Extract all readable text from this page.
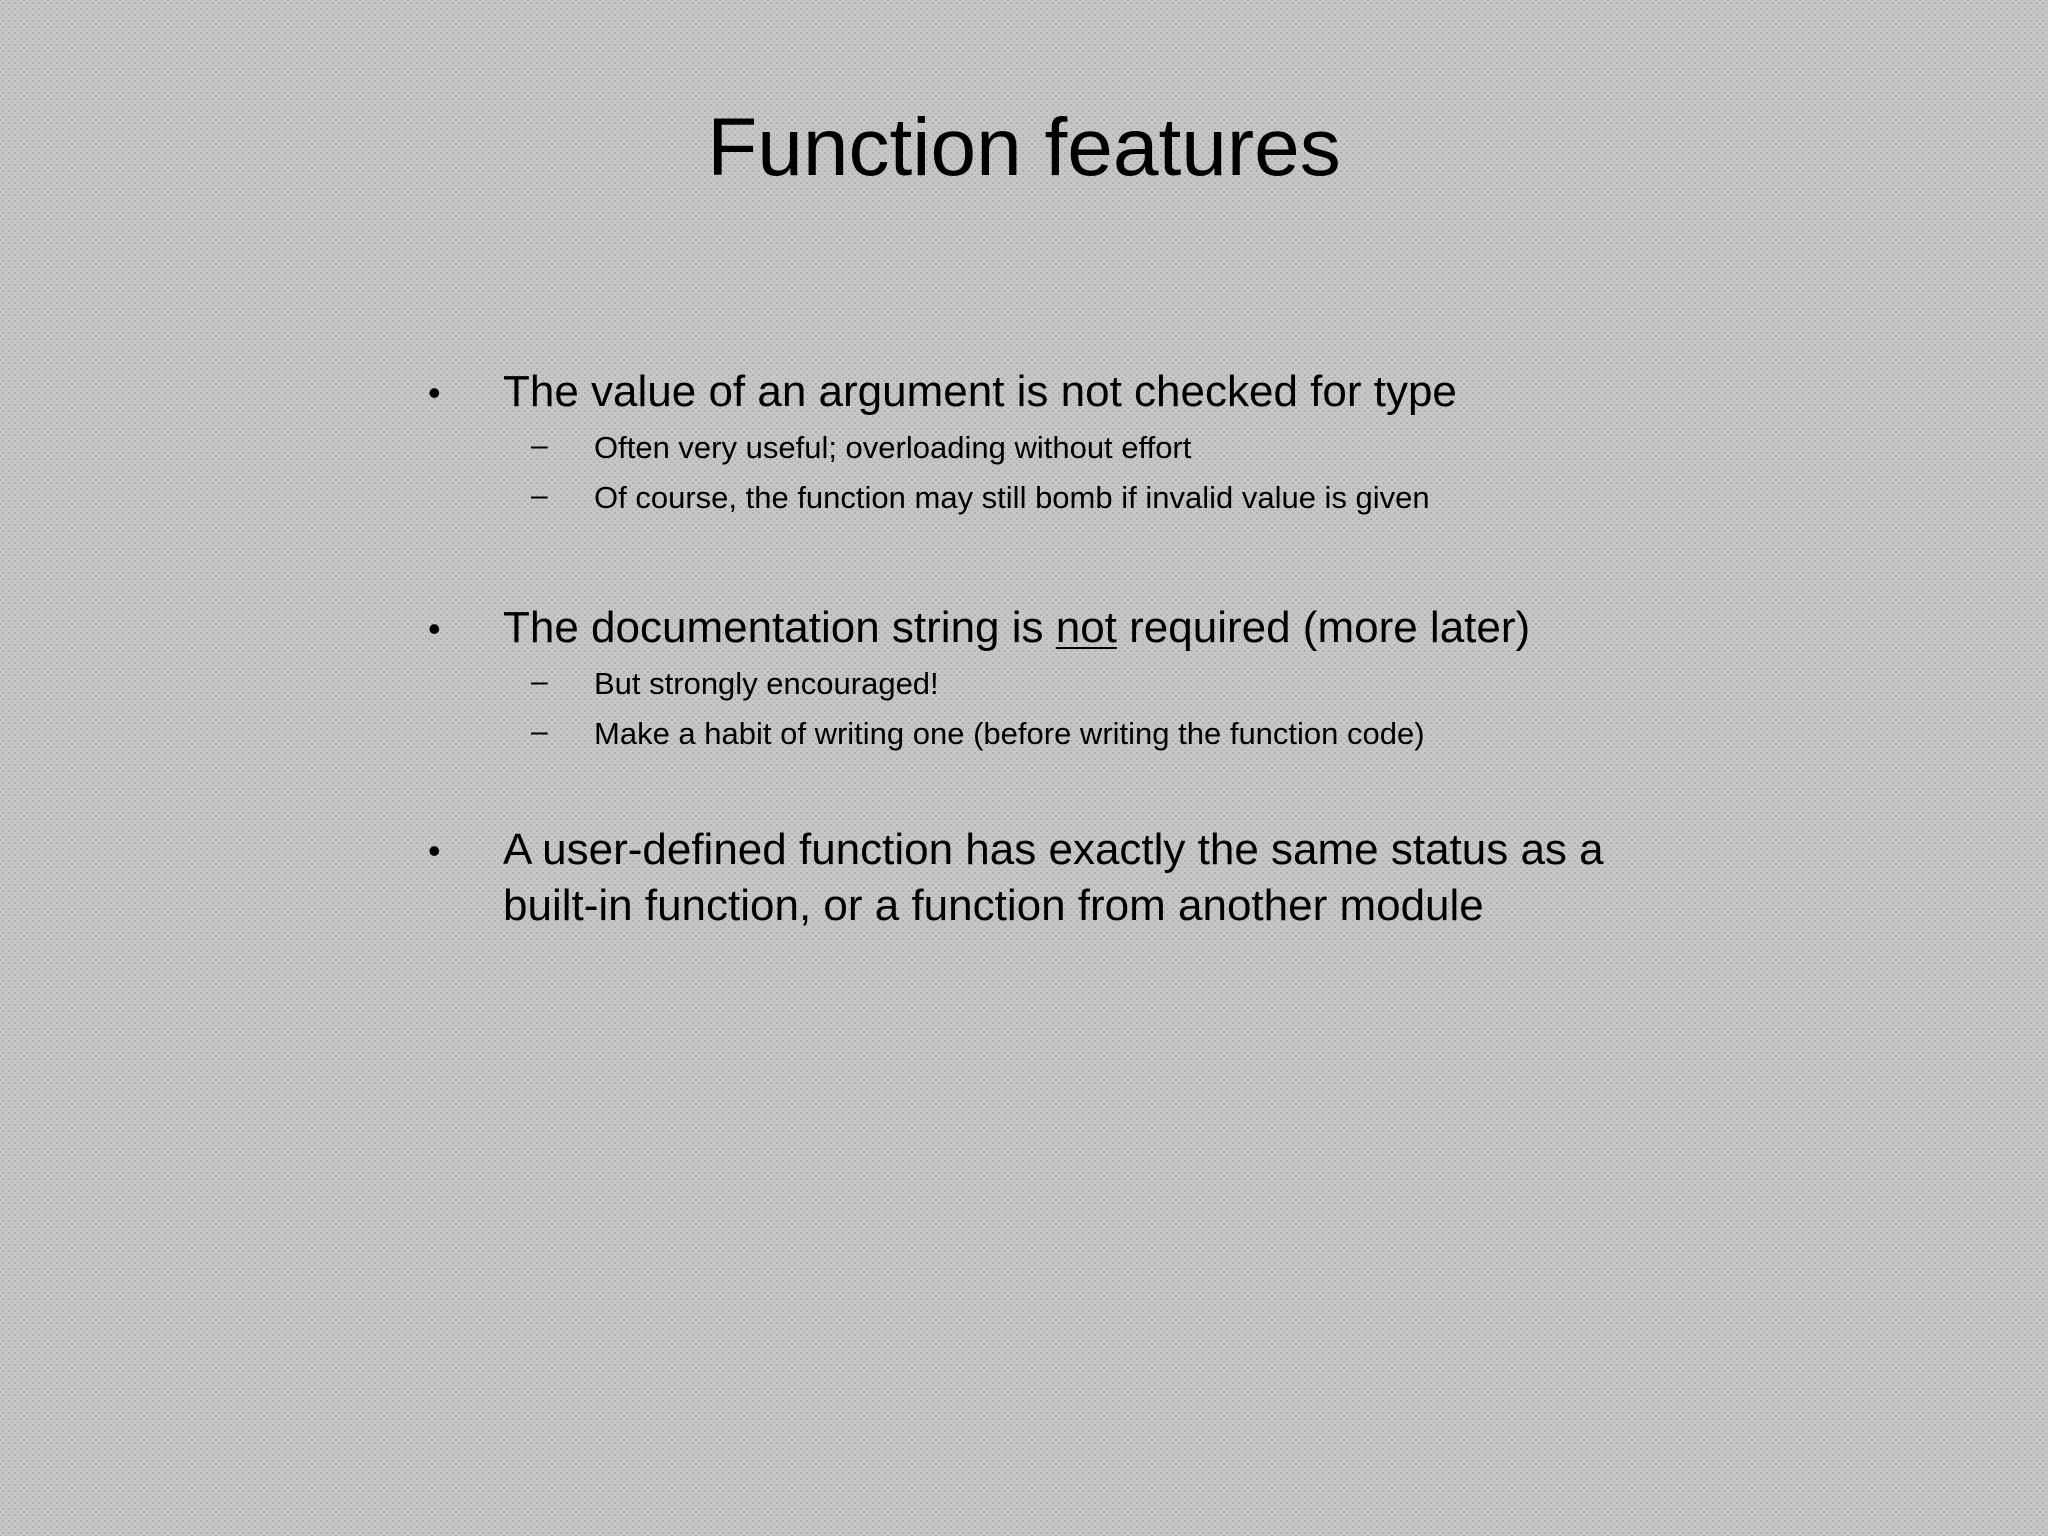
Function features
• The value of an argument is not checked for type

– Often very useful; overloading without effort
– Of course, the function may still bomb if invalid value is given
• The documentation string is not required (more later)

– But strongly encouraged!
– Make a habit of writing one (before writing the function code)
• A user-defined function has exactly the same status as a

built-in function, or a function from another module
